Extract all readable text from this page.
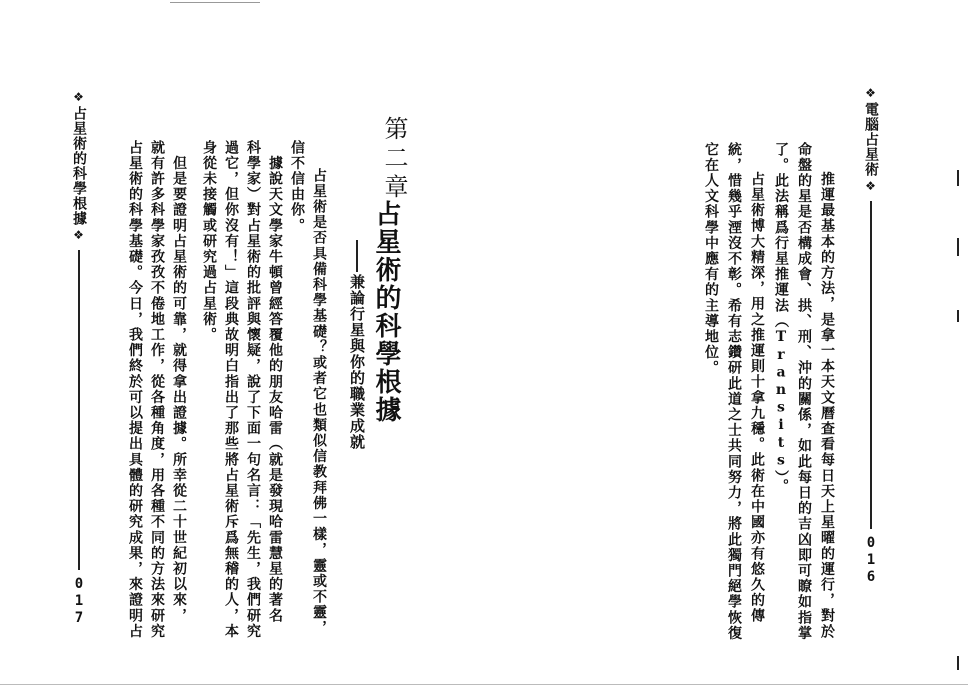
❖
占星術的科學根據
❖
017
第二章
占星術的科學根據
兼論行星與你的職業成就
占星術是否具備科學基礎？或者它也類似信教拜佛一樣，靈或不靈，
信不信由你。
　據說天文學家牛頓曾經答覆他的朋友哈雷（就是發現哈雷慧星的著名
科學家）對占星術的批評與懷疑，說了下面一句名言：「先生，我們研究
過它，但你沒有！」這段典故明白指出了那些將占星術斥爲無稽的人，本
身從未接觸或研究過占星術。
　但是要證明占星術的可靠，就得拿出證據。所幸從二十世紀初以來，
就有許多科學家孜孜不倦地工作，從各種角度，用各種不同的方法來研究
占星術的科學基礎。今日，我們終於可以提出具體的研究成果，來證明占
❖
電腦占星術
❖
016
　推運最基本的方法，是拿一本天文曆查看每日天上星曜的運行，對於
命盤的星是否構成會、拱、刑、沖的關係，如此每日的吉凶即可瞭如指掌
了。此法稱爲行星推運法（Transits）。
　占星術博大精深，用之推運則十拿九穩。此術在中國亦有悠久的傳
統，惜幾乎湮沒不彰。希有志鑽研此道之士共同努力，將此獨門絕學恢復
它在人文科學中應有的主導地位。
